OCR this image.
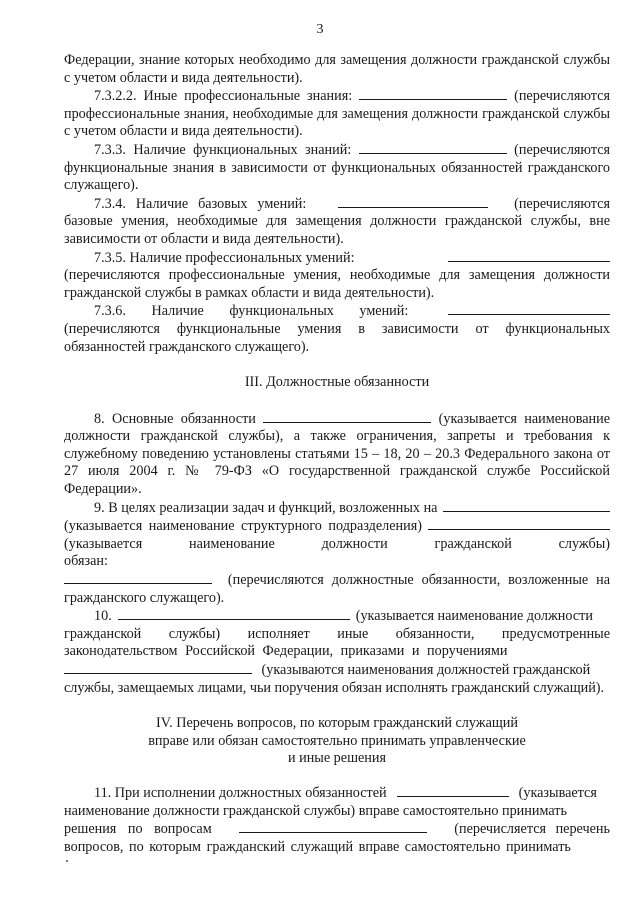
3

Федерации, знание которых необходимо для замещения должности гражданской службы с учетом области и вида деятельности).

7.3.2.2. Иные профессиональные знания:	(перечисляются профессиональные знания, необходимые для замещения должности гражданской службы с учетом области и вида деятельности).

7.3.3. Наличие функциональных знаний:	(перечисляются функциональные знания в зависимости от функциональных обязанностей гражданского служащего).

7.3.4. Наличие базовых умений:	(перечисляются базовые умения, необходимые для замещения должности гражданской службы, вне зависимости от области и вида деятельности).

7.3.5. Наличие профессиональных умений:

(перечисляются профессиональные умения, необходимые для замещения должности гражданской службы в рамках области и вида деятельности).

7.3.6. Наличие функциональных умений:

(перечисляются функциональные умения в зависимости от функциональных обязанностей гражданского служащего).

III. Должностные обязанности

8. Основные обязанности	(указывается наименование должности гражданской службы), а также ограничения, запреты и требования к служебному поведению установлены статьями 15 – 18, 20 – 20.3 Федерального закона от 27 июля 2004 г. № 79-ФЗ «О государственной гражданской службе Российской Федерации».

9. В целях реализации задач и функций, возложенных на
(указывается наименование структурного подразделения)

(указывается наименование должности гражданской службы) обязан:

(перечисляются должностные обязанности, возложенные на гражданского служащего).

10.	(указывается наименование должности

гражданской службы) исполняет иные обязанности, предусмотренные законодательством Российской Федерации, приказами и поручениями

(указываются наименования должностей гражданской

службы, замещаемых лицами, чьи поручения обязан исполнять гражданский служащий).

IV. Перечень вопросов, по которым гражданский служащий

вправе или обязан самостоятельно принимать управленческие

и иные решения

11. При исполнении должностных обязанностей	(указывается

наименование должности гражданской службы) вправе самостоятельно принимать

решения по вопросам	(перечисляется перечень

вопросов, по которым гражданский служащий вправе самостоятельно принимать
